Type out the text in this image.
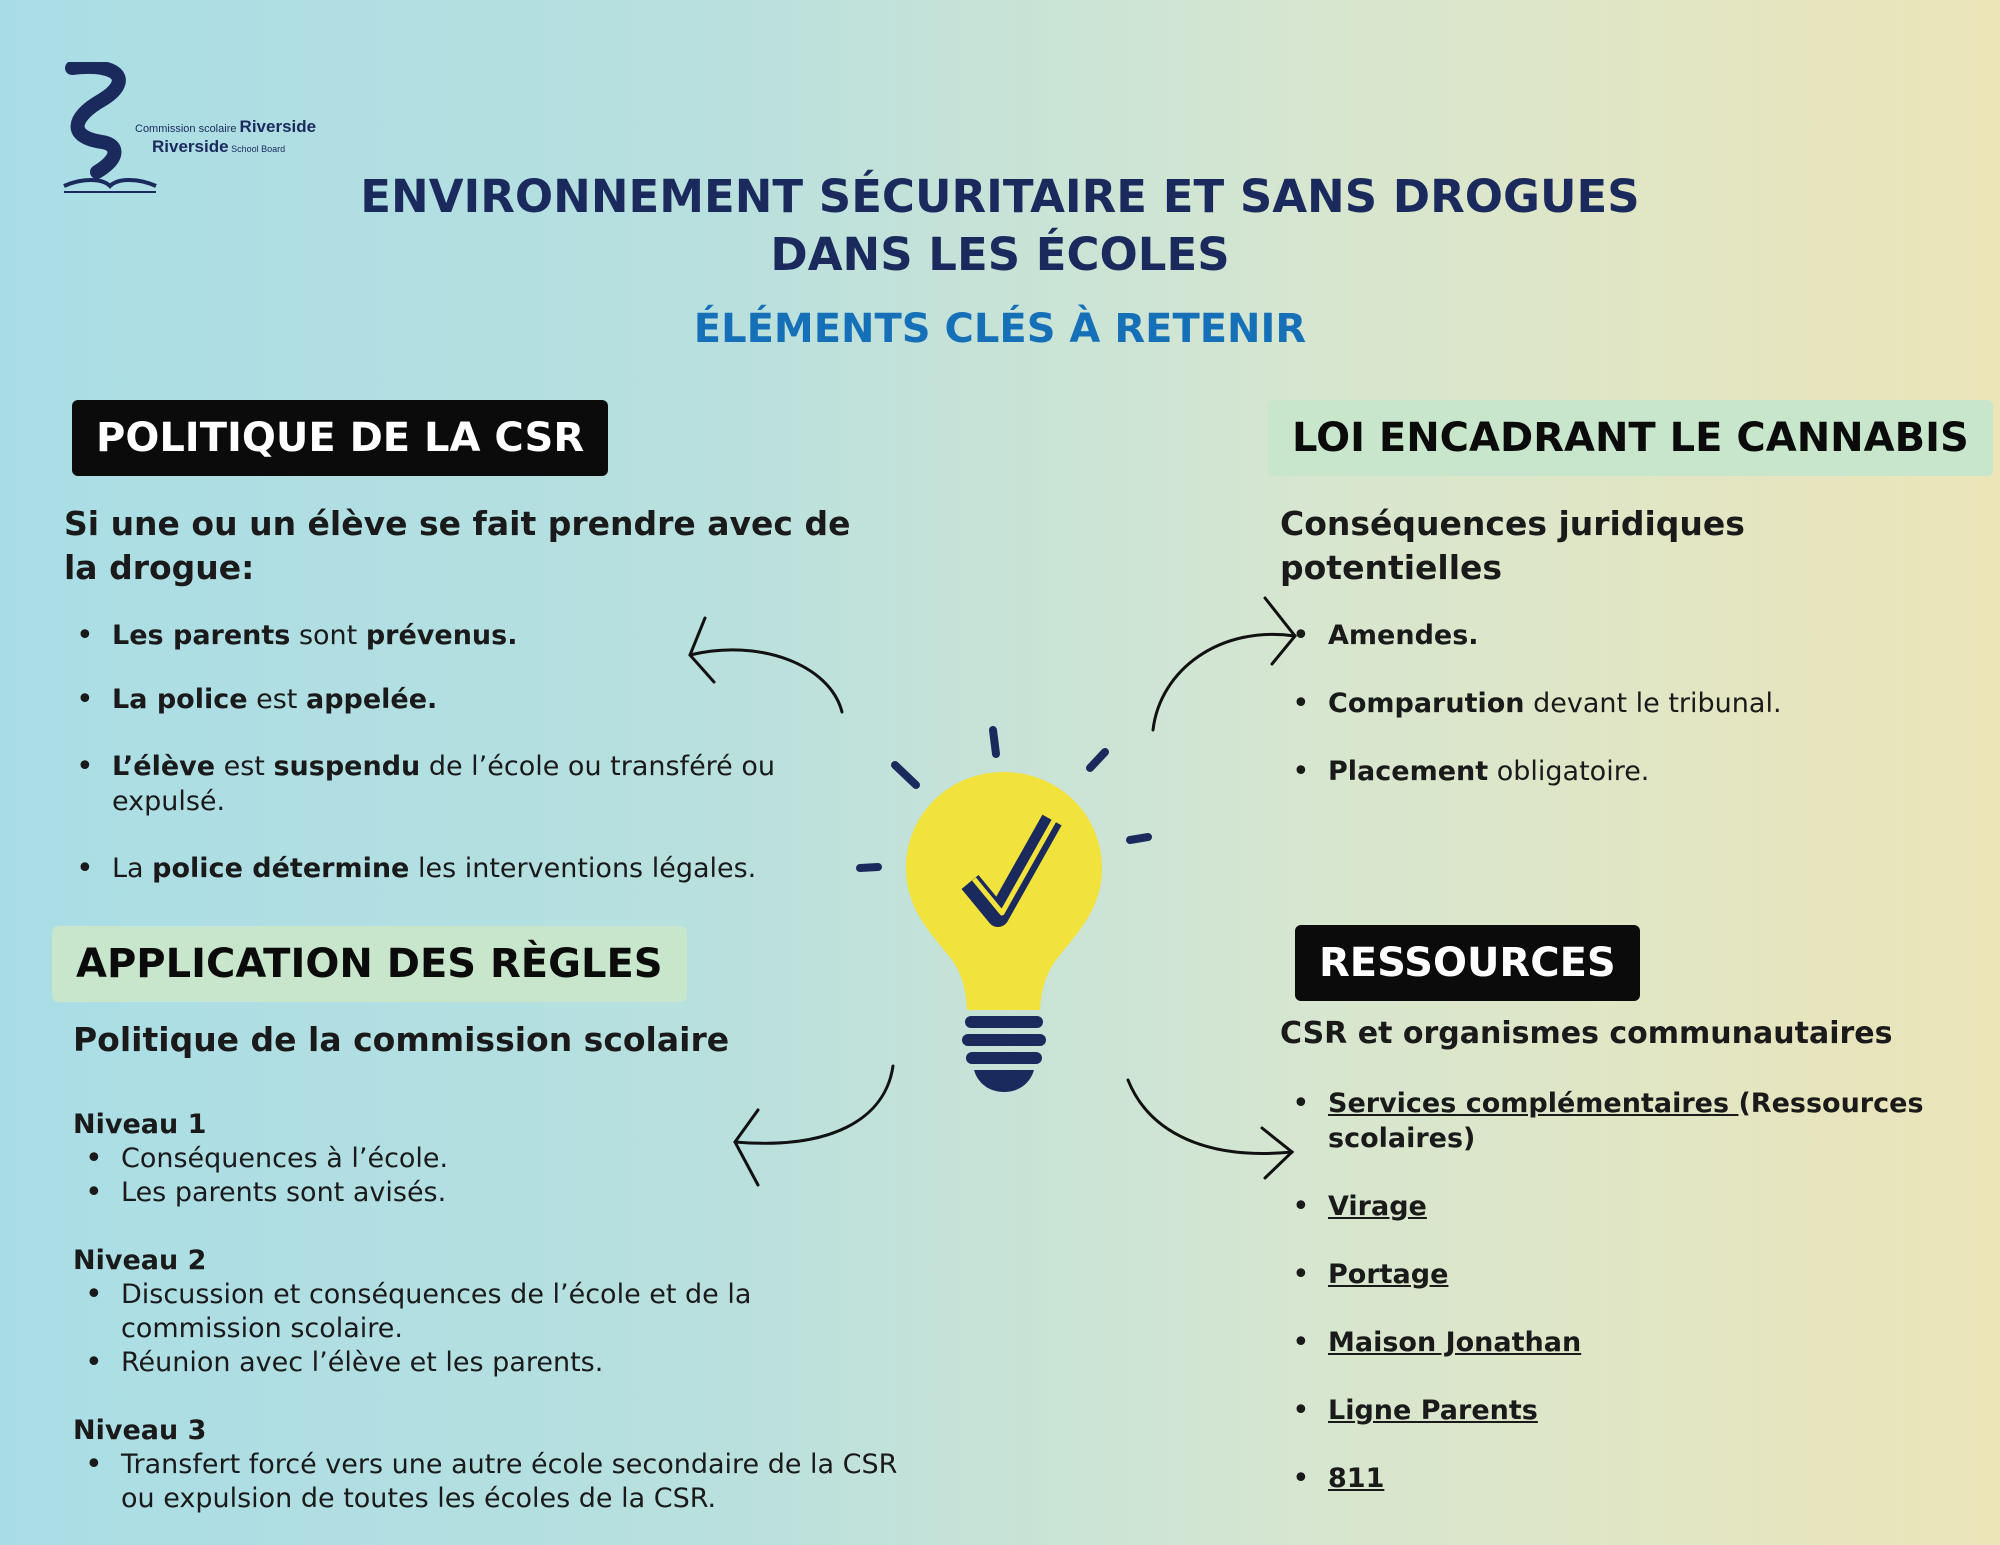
Commission scolaire Riverside
Riverside School Board
ENVIRONNEMENT SÉCURITAIRE ET SANS DROGUES
DANS LES ÉCOLES
ÉLÉMENTS CLÉS À RETENIR
POLITIQUE DE LA CSR
Si une ou un élève se fait prendre avec de
la drogue:
• Les parents sont prévenus.
• La police est appelée.
• L’élève est suspendu de l’école ou transféré ou expulsé.
• La police détermine les interventions légales.
LOI ENCADRANT LE CANNABIS
Conséquences juridiques
potentielles
• Amendes.
• Comparution devant le tribunal.
• Placement obligatoire.
APPLICATION DES RÈGLES
Politique de la commission scolaire
Niveau 1
• Conséquences à l’école.
• Les parents sont avisés.
Niveau 2
• Discussion et conséquences de l’école et de la commission scolaire.
• Réunion avec l’élève et les parents.
Niveau 3
• Transfert forcé vers une autre école secondaire de la CSR ou expulsion de toutes les écoles de la CSR.
RESSOURCES
CSR et organismes communautaires
• Services complémentaires (Ressources scolaires)
• Virage
• Portage
• Maison Jonathan
• Ligne Parents
• 811
